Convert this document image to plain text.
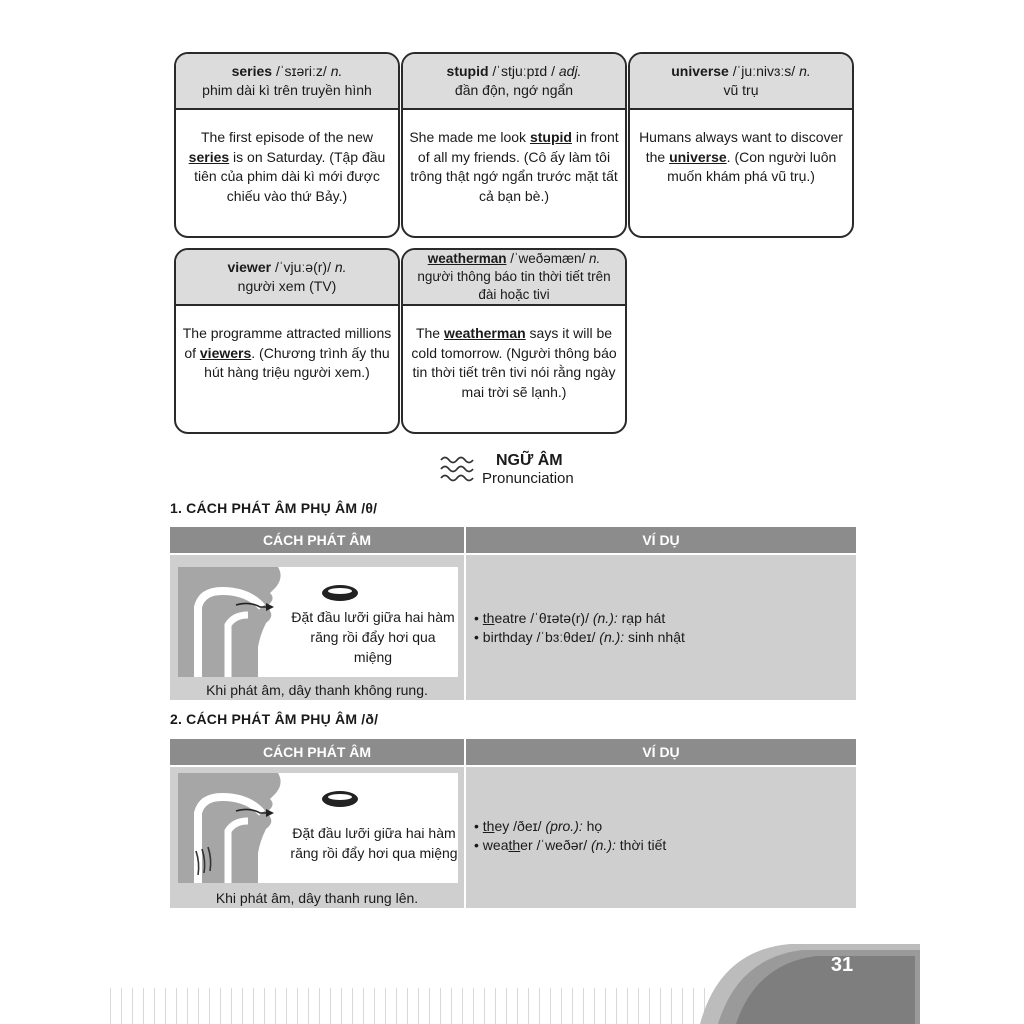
series /ˈsɪəriːz/ n.
phim dài kì trên truyền hình
The first episode of the new series is on Saturday. (Tập đầu tiên của phim dài kì mới được chiếu vào thứ Bảy.)
stupid /ˈstjuːpɪd / adj.
đần độn, ngớ ngẩn
She made me look stupid in front of all my friends. (Cô ấy làm tôi trông thật ngớ ngẩn trước mặt tất cả bạn bè.)
universe /ˈjuːnivɜːs/ n.
vũ trụ
Humans always want to discover the universe. (Con người luôn muốn khám phá vũ trụ.)
viewer /ˈvjuːə(r)/ n.
người xem (TV)
The programme attracted millions of viewers. (Chương trình ấy thu hút hàng triệu người xem.)
weatherman /ˈweðəmæn/ n.
người thông báo tin thời tiết trên đài hoặc tivi
The weatherman says it will be cold tomorrow. (Người thông báo tin thời tiết trên tivi nói rằng ngày mai trời sẽ lạnh.)
NGỮ ÂM
Pronunciation
1. CÁCH PHÁT ÂM PHỤ ÂM /θ/
CÁCH PHÁT ÂM	VÍ DỤ
Đặt đầu lưỡi giữa hai hàm răng rồi đẩy hơi qua miệng
Khi phát âm, dây thanh không rung.
• theatre /ˈθɪətə(r)/ (n.): rạp hát
• birthday /ˈbɜːθdeɪ/ (n.): sinh nhật
2. CÁCH PHÁT ÂM PHỤ ÂM /ð/
CÁCH PHÁT ÂM	VÍ DỤ
Đặt đầu lưỡi giữa hai hàm răng rồi đẩy hơi qua miệng
Khi phát âm, dây thanh rung lên.
• they /ðeɪ/ (pro.): họ
• weather /ˈweðər/ (n.): thời tiết
31
